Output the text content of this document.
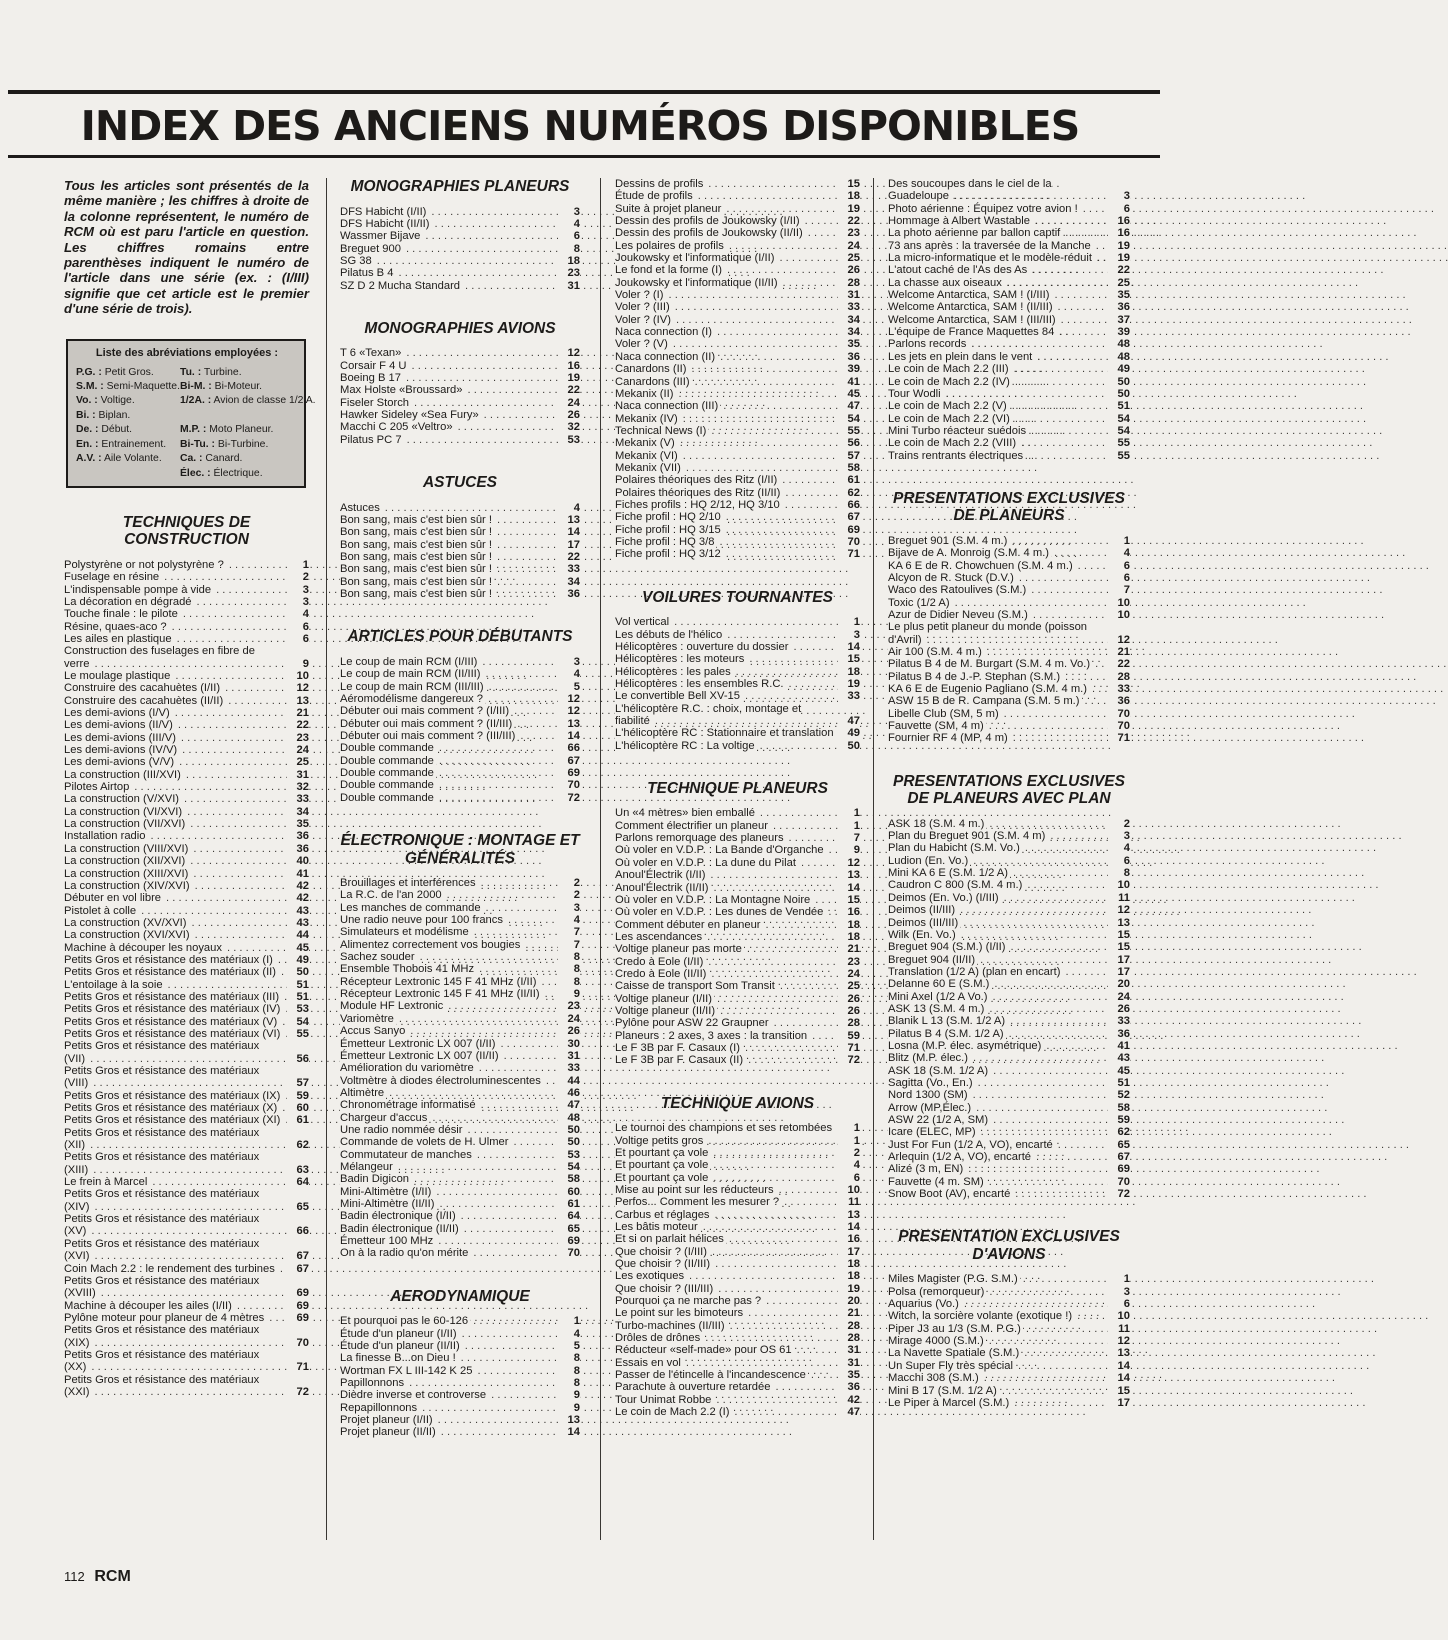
INDEX DES ANCIENS NUMÉROS DISPONIBLES

Tous les articles sont présentés de la même manière ; les chiffres à droite de la colonne représentent, le numéro de RCM où est paru l'article en question. Les chiffres romains entre parenthèses indiquent le numéro de l'article dans une série (ex. : (I/III) signifie que cet article est le premier d'une série de trois).

Liste des abréviations employées :
P.G. : Petit Gros.	Tu. : Turbine.
S.M. : Semi-Maquette. Bi-M. : Bi-Moteur.
Vo. : Voltige.	1/2A. : Avion de classe 1/2 A.
Bi. : Biplan.
De. : Début.	M.P. : Moto Planeur.
En. : Entrainement.	Bi-Tu. : Bi-Turbine.
A.V. : Aile Volante.	Ca. : Canard.
Élec. : Électrique.
TECHNIQUES DE CONSTRUCTION
Polystyrène or not polystyrène ? . . .	1
Fuselage en résine . . .	2
L'indispensable pompe à vide . . .	3
La décoration en dégradé . . .	3
Touche finale : le pilote . . .	4
Résine, quaes-aco ? . . .	6
Les ailes en plastique . . .	6
Construction des fuselages en fibre de verre . . .	9
Le moulage plastique . . .	10
Construire des cacahuètes (I/II) . . .	12
Construire des cacahuètes (II/II) . . .	13
Les demi-avions (I/V) . . .	21
Les demi-avions (II/V) . . .	22
Les demi-avions (III/V) . . .	23
Les demi-avions (IV/V) . . .	24
Les demi-avions (V/V) . . .	25
La construction (III/XVI) . . .	31
Pilotes Airtop . . .	32
La construction (V/XVI) . . .	33
La construction (VI/XVI) . . .	34
La construction (VII/XVI) . . .	35
Installation radio . . .	36
La construction (VIII/XVI) . . .	36
La construction (XII/XVI) . . .	40
La construction (XIII/XVI) . . .	41
La construction (XIV/XVI) . . .	42
Débuter en vol libre . . .	42
Pistolet à colle . . .	43
La construction (XV/XVI) . . .	43
La construction (XVI/XVI) . . .	44
Machine à découper les noyaux . . .	45
Petits Gros et résistance des matériaux (I) . . .	49
Petits Gros et résistance des matériaux (II) . . .	50
L'entoilage à la soie . . .	51
Petits Gros et résistance des matériaux (III) . . .	51
Petits Gros et résistance des matériaux (IV) . . .	53
Petits Gros et résistance des matériaux (V) . . .	54
Petits Gros et résistance des matériaux (VI) . . .	55
Petits Gros et résistance des matériaux (VII) . . .	56
Petits Gros et résistance des matériaux (VIII) . . .	57
Petits Gros et résistance des matériaux (IX) . . .	59
Petits Gros et résistance des matériaux (X) . . .	60
Petits Gros et résistance des matériaux (XI) . . .	61
Petits Gros et résistance des matériaux (XII) . . .	62
Petits Gros et résistance des matériaux (XIII) . . .	63
Le frein à Marcel . . .	64
Petits Gros et résistance des matériaux (XIV) . . .	65
Petits Gros et résistance des matériaux (XV) . . .	66
Petits Gros et résistance des matériaux (XVI) . . .	67
Coin Mach 2.2 : le rendement des turbines . . .	67
Petits Gros et résistance des matériaux (XVIII) . . .	69
Machine à découper les ailes (I/II) . . .	69
Pylône moteur pour planeur de 4 mètres . . .	69
Petits Gros et résistance des matériaux (XIX) . . .	70
Petits Gros et résistance des matériaux (XX) . . .	71
Petits Gros et résistance des matériaux (XXI) . . .	72
MONOGRAPHIES PLANEURS
DFS Habicht (I/II) . . .	3
DFS Habicht (II/II) . . .	4
Wassmer Bijave . . .	6
Breguet 900 . . .	8
SG 38 . . .	18
Pilatus B 4 . . .	23
SZ D 2 Mucha Standard . . .	31
MONOGRAPHIES AVIONS
T 6 «Texan» . . .	12
Corsair F 4 U . . .	16
Boeing B 17 . . .	19
Max Holste «Broussard» . . .	22
Fiseler Storch . . .	24
Hawker Sideley «Sea Fury» . . .	26
Macchi C 205 «Veltro» . . .	32
Pilatus PC 7 . . .	53
ASTUCES
Astuces . . .	4
Bon sang, mais c'est bien sûr ! . . .	13
Bon sang, mais c'est bien sûr ! . . .	14
Bon sang, mais c'est bien sûr ! . . .	17
Bon sang, mais c'est bien sûr ! . . .	22
Bon sang, mais c'est bien sûr ! . . .	33
Bon sang, mais c'est bien sûr ! . . .	34
Bon sang, mais c'est bien sûr ! . . .	36
ARTICLES POUR DÉBUTANTS
Le coup de main RCM (I/III) . . .	3
Le coup de main RCM (II/III) . . .	4
Le coup de main RCM (III/III) . . .	5
Aéromodélisme dangereux ? . . .	12
Débuter oui mais comment ? (I/III) . . .	12
Débuter oui mais comment ? (II/III) . . .	13
Débuter oui mais comment ? (III/III) . . .	14
Double commande . . .	66
Double commande . . .	67
Double commande . . .	69
Double commande . . .	70
Double commande . . .	72
ÉLECTRONIQUE : MONTAGE ET GÉNÉRALITÉS
Brouillages et interférences . . .	2
La R.C. de l'an 2000 . . .	2
Les manches de commande . . .	3
Une radio neuve pour 100 francs . . .	4
Simulateurs et modélisme . . .	7
Alimentez correctement vos bougies . . .	7
Sachez souder . . .	8
Ensemble Thobois 41 MHz . . .	8
Récepteur Lextronic 145 F 41 MHz (I/II) . . .	8
Récepteur Lextronic 145 F 41 MHz (II/II) . . .	9
Module HF Lextronic . . .	23
Variomètre . . .	24
Accus Sanyo . . .	26
Émetteur Lextronic LX 007 (I/II) . . .	30
Émetteur Lextronic LX 007 (II/II) . . .	31
Amélioration du variomètre . . .	33
Voltmètre à diodes électroluminescentes . . .	44
Altimètre . . .	46
Chronométrage informatisé . . .	47
Chargeur d'accus . . .	48
Une radio nommée désir . . .	50
Commande de volets de H. Ulmer . . .	50
Commutateur de manches . . .	53
Mélangeur . . .	54
Badin Digicon . . .	58
Mini-Altimètre (I/II) . . .	60
Mini-Altimètre (II/II) . . .	61
Badin électronique (I/II) . . .	64
Badin électronique (II/II) . . .	65
Émetteur 100 MHz . . .	69
On à la radio qu'on mérite . . .	70
AERODYNAMIQUE
Et pourquoi pas le 60-126 . . .	1
Étude d'un planeur (I/II) . . .	4
Étude d'un planeur (II/II) . . .	5
La finesse B...on Dieu ! . . .	8
Wortman FX L III-142 K 25 . . .	8
Papillonnons . . .	8
Dièdre inverse et controverse . . .	9
Repapillonnons . . .	9
Projet planeur (I/II) . . .	13
Projet planeur (II/II) . . .	14
Dessins de profils . . .	15
Étude de profils . . .	18
Suite à projet planeur . . .	19
Dessin des profils de Joukowsky (I/II) . . .	22
Dessin des profils de Joukowsky (II/II) . . .	23
Les polaires de profils . . .	24
Joukowsky et l'informatique (I/II) . . .	25
Le fond et la forme (I) . . .	26
Joukowsky et l'informatique (II/II) . . .	28
Voler ? (I) . . .	31
Voler ? (III) . . .	33
Voler ? (IV) . . .	34
Naca connection (I) . . .	34
Voler ? (V) . . .	35
Naca connection (II) . . .	36
Canardons (II) . . .	39
Canardons (III) . . .	41
Mekanix (II) . . .	45
Naca connection (III) . . .	47
Mekanix (IV) . . .	54
Technical News (I) . . .	55
Mekanix (V) . . .	56
Mekanix (VI) . . .	57
Mekanix (VII) . . .	58
Polaires théoriques des Ritz (I/II) . . .	61
Polaires théoriques des Ritz (II/II) . . .	62
Fiches profils : HQ 2/12, HQ 3/10 . . .	66
Fiche profil : HQ 2/10 . . .	67
Fiche profil : HQ 3/15 . . .	69
Fiche profil : HQ 3/8 . . .	70
Fiche profil : HQ 3/12 . . .	71
VOILURES TOURNANTES
Vol vertical . . .	1
Les débuts de l'hélico . . .	3
Hélicoptères : ouverture du dossier . . .	14
Hélicoptères : les moteurs . . .	15
Hélicoptères : les pales . . .	18
Hélicoptères : les ensembles R.C. . . .	19
Le convertible Bell XV-15 . . .	33
L'hélicoptère R.C. : choix, montage et fiabilité . . .	47
L'hélicoptère RC : Stationnaire et translation . . .	49
L'hélicoptère RC : La voltige . . .	50
TECHNIQUE PLANEURS
Un «4 mètres» bien emballé . . .	1
Comment électrifier un planeur . . .	1
Parlons remorquage des planeurs . . .	7
Où voler en V.D.P. : La Bande d'Organche . . .	9
Où voler en V.D.P. : La dune du Pilat . . .	12
Anoul'Électrik (I/II) . . .	13
Anoul'Électrik (II/II) . . .	14
Où voler en V.D.P. : La Montagne Noire . . .	15
Où voler en V.D.P. : Les dunes de Vendée . . .	16
Comment débuter en planeur . . .	18
Les ascendances . . .	18
Voltige planeur pas morte . . .	21
Credo à Eole (I/II) . . .	23
Credo à Eole (II/II) . . .	24
Caisse de transport Som Transit . . .	25
Voltige planeur (I/II) . . .	26
Voltige planeur (II/II) . . .	26
Pylône pour ASW 22 Graupner . . .	28
Planeurs : 2 axes, 3 axes : la transition . . .	59
Le F 3B par F. Casaux (I) . . .	71
Le F 3B par F. Casaux (II) . . .	72
TECHNIQUE AVIONS
Le tournoi des champions et ses retombées . . .	1
Voltige petits gros . . .	1
Et pourtant ça vole . . .	2
Et pourtant ça vole . . .	4
Et pourtant ça vole . . .	6
Mise au point sur les réducteurs . . .	10
Perfos... Comment les mesurer ? . . .	11
Carbus et réglages . . .	13
Les bâtis moteur . . .	14
Et si on parlait hélices . . .	16
Que choisir ? (I/III) . . .	17
Que choisir ? (II/III) . . .	18
Les exotiques . . .	18
Que choisir ? (III/III) . . .	19
Pourquoi ça ne marche pas ? . . .	20
Le point sur les bimoteurs . . .	21
Turbo-machines (II/III) . . .	28
Drôles de drônes . . .	28
Réducteur «self-made» pour OS 61 . . .	31
Essais en vol . . .	31
Passer de l'étincelle à l'incandescence . . .	35
Parachute à ouverture retardée . . .	36
Tour Unimat Robbe . . .	42
Le coin de Mach 2.2 (I) . . .	47
Des soucoupes dans le ciel de la Guadeloupe . . .	3
Photo aérienne : Équipez votre avion ! . . .	6
Hommage à Albert Wastable . . .	16
La photo aérienne par ballon captif . . .	16
73 ans après : la traversée de la Manche . . .	19
La micro-informatique et le modèle-réduit . . .	19
L'atout caché de l'As des As . . .	22
La chasse aux oiseaux . . .	25
Welcome Antarctica, SAM ! (I/III) . . .	35
Welcome Antarctica, SAM ! (II/III) . . .	36
Welcome Antarctica, SAM ! (III/III) . . .	37
L'équipe de France Maquettes 84 . . .	39
Parlons records . . .	48
Les jets en plein dans le vent . . .	48
Le coin de Mach 2.2 (III) . . .	49
Le coin de Mach 2.2 (IV) . . .	50
Tour Wodli . . .	50
Le coin de Mach 2.2 (V) . . .	51
Le coin de Mach 2.2 (VI) . . .	54
Mini Turbo réacteur suédois . . .	54
Le coin de Mach 2.2 (VIII) . . .	55
Trains rentrants électriques . . .	55
PRESENTATIONS EXCLUSIVES DE PLANEURS
Breguet 901 (S.M. 4 m.) . . .	1
Bijave de A. Monroig (S.M. 4 m.) . . .	4
KA 6 E de R. Chowchuen (S.M. 4 m.) . . .	6
Alcyon de R. Stuck (D.V.) . . .	6
Waco des Ratoulives (S.M.) . . .	7
Toxic (1/2 A) . . .	10
Azur de Didier Neveu (S.M.) . . .	10
Le plus petit planeur du monde (poisson d'Avril) . . .	12
Air 100 (S.M. 4 m.) . . .	21
Pilatus B 4 de M. Burgart (S.M. 4 m. Vo.) . . .	22
Pilatus B 4 de J.-P. Stephan (S.M.) . . .	28
KA 6 E de Eugenio Pagliano (S.M. 4 m.) . . .	33
ASW 15 B de R. Campana (S.M. 5 m.) . . .	36
Libelle Club (SM, 5 m) . . .	70
Fauvette (SM, 4 m) . . .	70
Fournier RF 4 (MP, 4 m) . . .	71
PRESENTATIONS EXCLUSIVES DE PLANEURS AVEC PLAN
ASK 18 (S.M. 4 m.) . . .	2
Plan du Breguet 901 (S.M. 4 m) . . .	3
Plan du Habicht (S.M. Vo.) . . .	4
Ludion (En. Vo.) . . .	6
Mini KA 6 E (S.M. 1/2 A) . . .	8
Caudron C 800 (S.M. 4 m.) . . .	10
Deimos (En. Vo.) (I/III) . . .	11
Deimos (II/III) . . .	12
Deimos (III/III) . . .	13
Wilk (En. Vo.) . . .	15
Breguet 904 (S.M.) (I/II) . . .	15
Breguet 904 (II/II) . . .	17
Translation (1/2 A) (plan en encart) . . .	17
Delanne 60 E (S.M.) . . .	20
Mini Axel (1/2 A Vo.) . . .	24
ASK 13 (S.M. 4 m.) . . .	26
Blanik L 13 (S.M. 1/2 A) . . .	33
Pilatus B 4 (S.M. 1/2 A) . . .	36
Losna (M.P. élec. asymétrique) . . .	41
Blitz (M.P. élec.) . . .	43
ASK 18 (S.M. 1/2 A) . . .	45
Sagitta (Vo., En.) . . .	51
Nord 1300 (SM) . . .	52
Arrow (MP,Élec.) . . .	58
ASW 22 (1/2 A, SM) . . .	59
Icare (ELEC, MP) . . .	62
Just For Fun (1/2 A, VO), encarté . . .	65
Arlequin (1/2 A, VO), encarté . . .	67
Alizé (3 m, EN) . . .	69
Fauvette (4 m. SM) . . .	70
Snow Boot (AV), encarté . . .	72
PRESENTATION EXCLUSIVES D'AVIONS
Miles Magister (P.G. S.M.) . . .	1
Polsa (remorqueur) . . .	3
Aquarius (Vo.) . . .	6
Witch, la sorcière volante (exotique !) . . .	10
Piper J3 au 1/3 (S.M. P.G.) . . .	11
Mirage 4000 (S.M.) . . .	12
La Navette Spatiale (S.M.) . . .	13
Un Super Fly très spécial . . .	14
Macchi 308 (S.M.) . . .	14
Mini B 17 (S.M. 1/2 A) . . .	15
Le Piper à Marcel (S.M.) . . .	17
112 RCM
